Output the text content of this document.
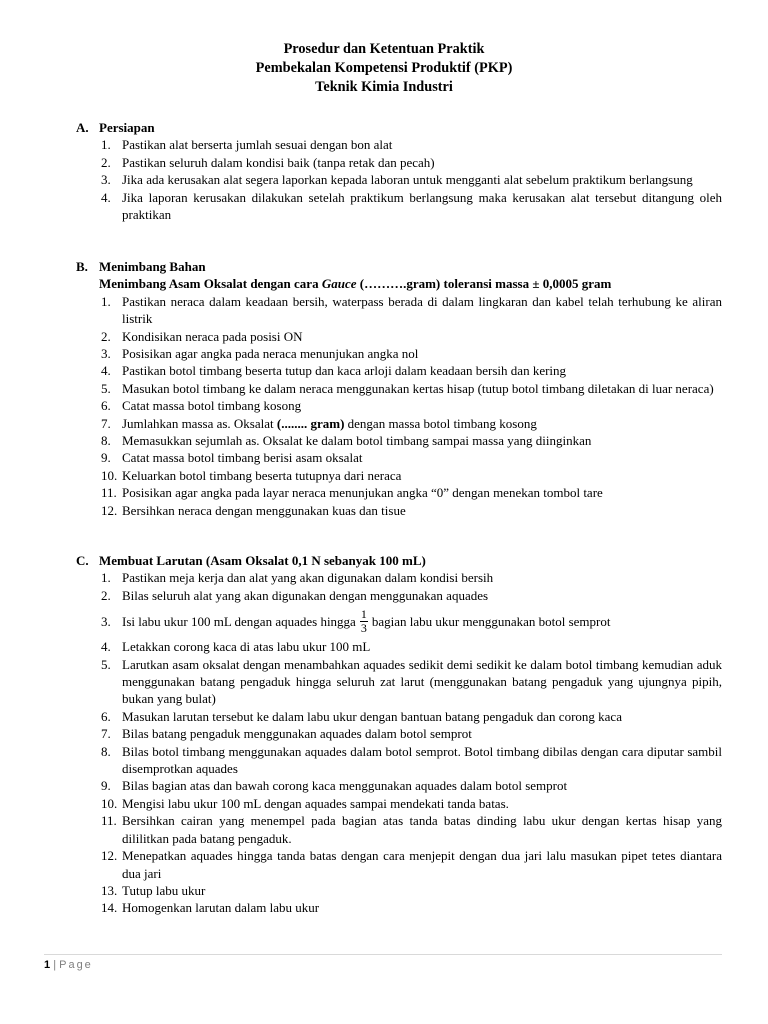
Prosedur dan Ketentuan Praktik
Pembekalan Kompetensi Produktif (PKP)
Teknik Kimia Industri
A. Persiapan
1. Pastikan alat berserta jumlah sesuai dengan bon alat
2. Pastikan seluruh dalam kondisi baik (tanpa retak dan pecah)
3. Jika ada kerusakan alat segera laporkan kepada laboran untuk mengganti alat sebelum praktikum berlangsung
4. Jika laporan kerusakan dilakukan setelah praktikum berlangsung maka kerusakan alat tersebut ditangung oleh praktikan
B. Menimbang Bahan
Menimbang Asam Oksalat dengan cara Gauce (……….gram) toleransi massa ± 0,0005 gram
1. Pastikan neraca dalam keadaan bersih, waterpass berada di dalam lingkaran dan kabel telah terhubung ke aliran listrik
2. Kondisikan neraca pada posisi ON
3. Posisikan agar angka pada neraca menunjukan angka nol
4. Pastikan botol timbang beserta tutup dan kaca arloji dalam keadaan bersih dan kering
5. Masukan botol timbang ke dalam neraca menggunakan kertas hisap (tutup botol timbang diletakan di luar neraca)
6. Catat massa botol timbang kosong
7. Jumlahkan massa as. Oksalat (........ gram) dengan massa botol timbang kosong
8. Memasukkan sejumlah as. Oksalat ke dalam botol timbang sampai massa yang diinginkan
9. Catat massa botol timbang berisi asam oksalat
10. Keluarkan botol timbang beserta tutupnya dari neraca
11. Posisikan agar angka pada layar neraca menunjukan angka “0” dengan menekan tombol tare
12. Bersihkan neraca dengan menggunakan kuas dan tisue
C. Membuat Larutan (Asam Oksalat 0,1 N sebanyak 100 mL)
1. Pastikan meja kerja dan alat yang akan digunakan dalam kondisi bersih
2. Bilas seluruh alat yang akan digunakan dengan menggunakan aquades
3. Isi labu ukur 100 mL dengan aquades hingga $\frac{1}{3}$ bagian labu ukur menggunakan botol semprot
4. Letakkan corong kaca di atas labu ukur 100 mL
5. Larutkan asam oksalat dengan menambahkan aquades sedikit demi sedikit ke dalam botol timbang kemudian aduk menggunakan batang pengaduk hingga seluruh zat larut (menggunakan batang pengaduk yang ujungnya pipih, bukan yang bulat)
6. Masukan larutan tersebut ke dalam labu ukur dengan bantuan batang pengaduk dan corong kaca
7. Bilas batang pengaduk menggunakan aquades dalam botol semprot
8. Bilas botol timbang menggunakan aquades dalam botol semprot. Botol timbang dibilas dengan cara diputar sambil disemprotkan aquades
9. Bilas bagian atas dan bawah corong kaca menggunakan aquades dalam botol semprot
10. Mengisi labu ukur 100 mL dengan aquades sampai mendekati tanda batas.
11. Bersihkan cairan yang menempel pada bagian atas tanda batas dinding labu ukur dengan kertas hisap yang dililitkan pada batang pengaduk.
12. Menepatkan aquades hingga tanda batas dengan cara menjepit dengan dua jari lalu masukan pipet tetes diantara dua jari
13. Tutup labu ukur
14. Homogenkan larutan dalam labu ukur
1 | Page
